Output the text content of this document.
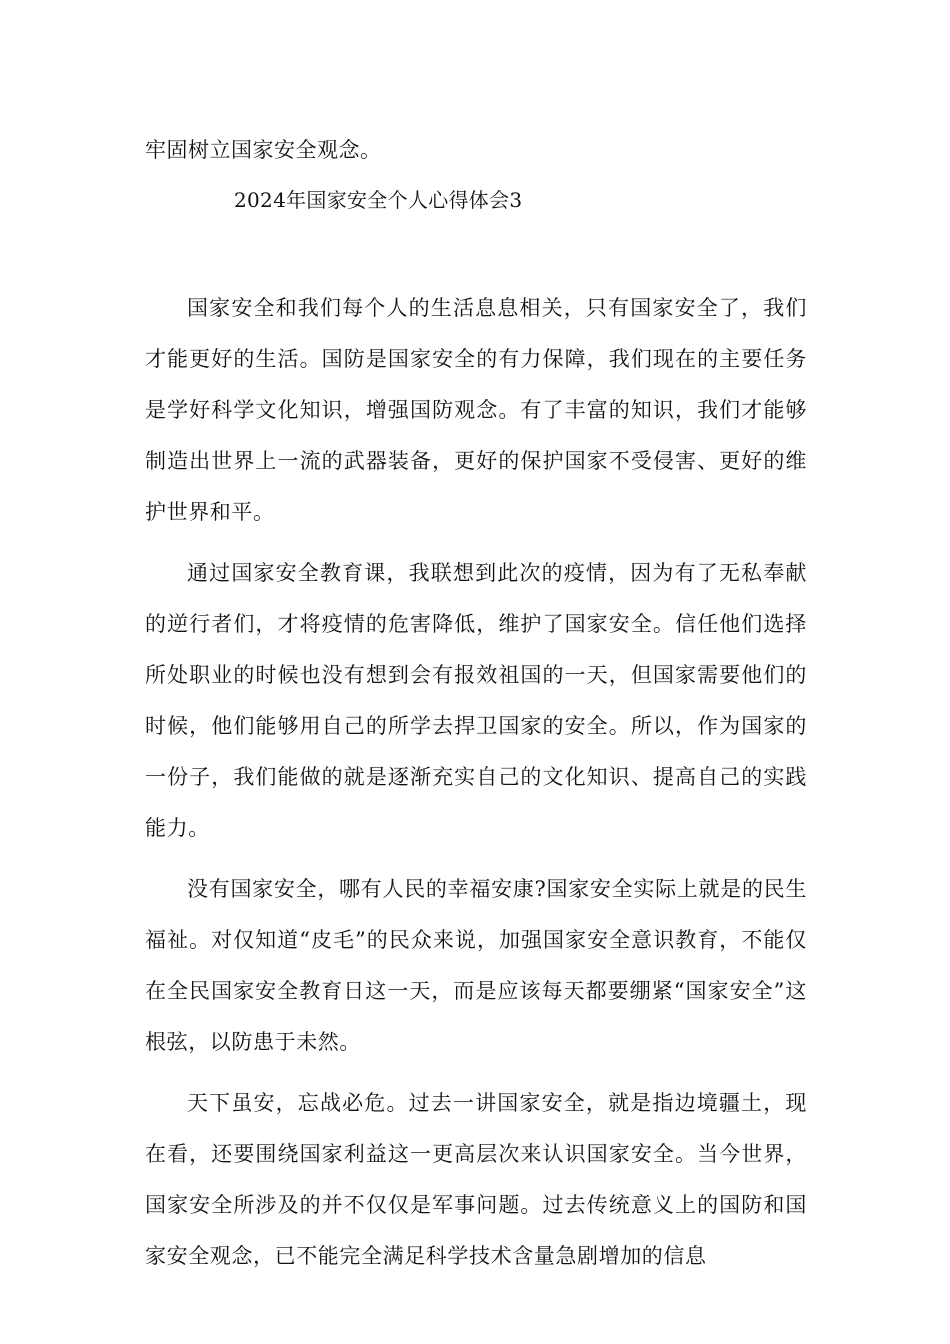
牢固树立国家安全观念。
2024年国家安全个人心得体会3

国家安全和我们每个人的生活息息相关，只有国家安全了，我们才能更好的生活。国防是国家安全的有力保障，我们现在的主要任务是学好科学文化知识，增强国防观念。有了丰富的知识，我们才能够制造出世界上一流的武器装备，更好的保护国家不受侵害、更好的维护世界和平。

通过国家安全教育课，我联想到此次的疫情，因为有了无私奉献的逆行者们，才将疫情的危害降低，维护了国家安全。信任他们选择所处职业的时候也没有想到会有报效祖国的一天，但国家需要他们的时候，他们能够用自己的所学去捍卫国家的安全。所以，作为国家的一份子，我们能做的就是逐渐充实自己的文化知识、提高自己的实践能力。

没有国家安全，哪有人民的幸福安康?国家安全实际上就是的民生福祉。对仅知道“皮毛”的民众来说，加强国家安全意识教育，不能仅在全民国家安全教育日这一天，而是应该每天都要绷紧“国家安全”这根弦，以防患于未然。

天下虽安，忘战必危。过去一讲国家安全，就是指边境疆土，现在看，还要围绕国家利益这一更高层次来认识国家安全。当今世界，国家安全所涉及的并不仅仅是军事问题。过去传统意义上的国防和国家安全观念，已不能完全满足科学技术含量急剧增加的信息
